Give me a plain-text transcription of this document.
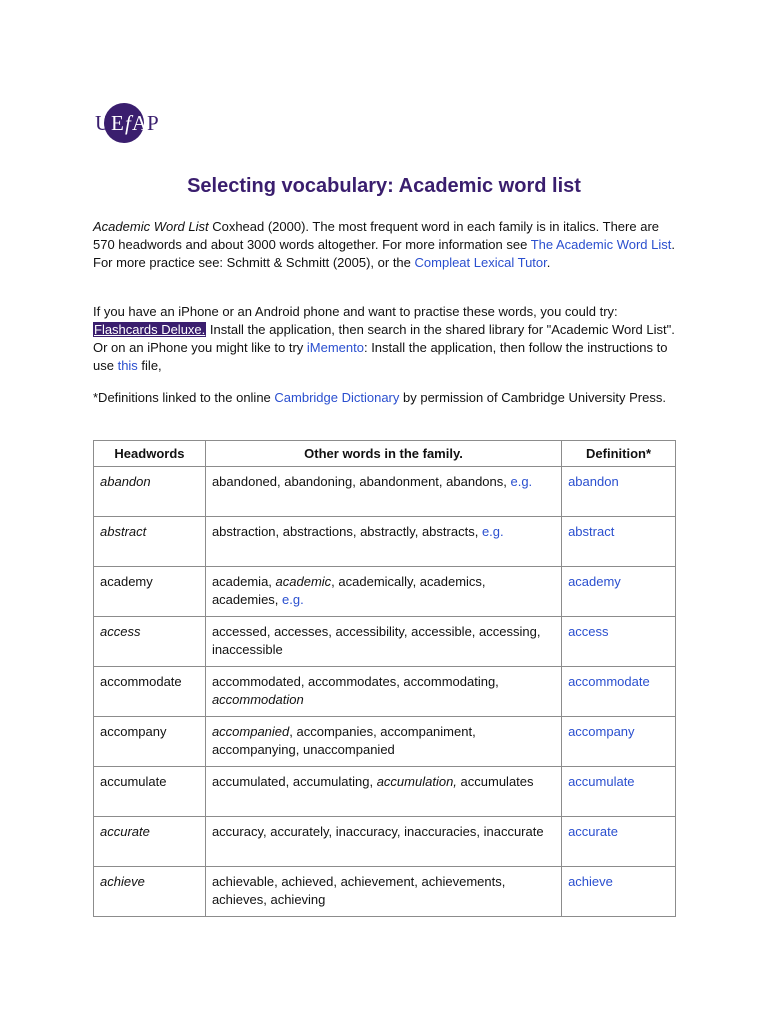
U E f A P
Selecting vocabulary: Academic word list

Academic Word List Coxhead (2000). The most frequent word in each family is in italics. There are 570 headwords and about 3000 words altogether. For more information see The Academic Word List. For more practice see: Schmitt & Schmitt (2005), or the Compleat Lexical Tutor.

If you have an iPhone or an Android phone and want to practise these words, you could try: Flashcards Deluxe. Install the application, then search in the shared library for "Academic Word List". Or on an iPhone you might like to try iMemento: Install the application, then follow the instructions to use this file,

*Definitions linked to the online Cambridge Dictionary by permission of Cambridge University Press.

Headwords	Other words in the family.	Definition*
abandon	abandoned, abandoning, abandonment, abandons, e.g.	abandon
abstract	abstraction, abstractions, abstractly, abstracts, e.g.	abstract
academy	academia, academic, academically, academics, academies, e.g.	academy
access	accessed, accesses, accessibility, accessible, accessing, inaccessible	access
accommodate	accommodated, accommodates, accommodating, accommodation	accommodate
accompany	accompanied, accompanies, accompaniment, accompanying, unaccompanied	accompany
accumulate	accumulated, accumulating, accumulation, accumulates	accumulate
accurate	accuracy, accurately, inaccuracy, inaccuracies, inaccurate	accurate
achieve	achievable, achieved, achievement, achievements, achieves, achieving	achieve
